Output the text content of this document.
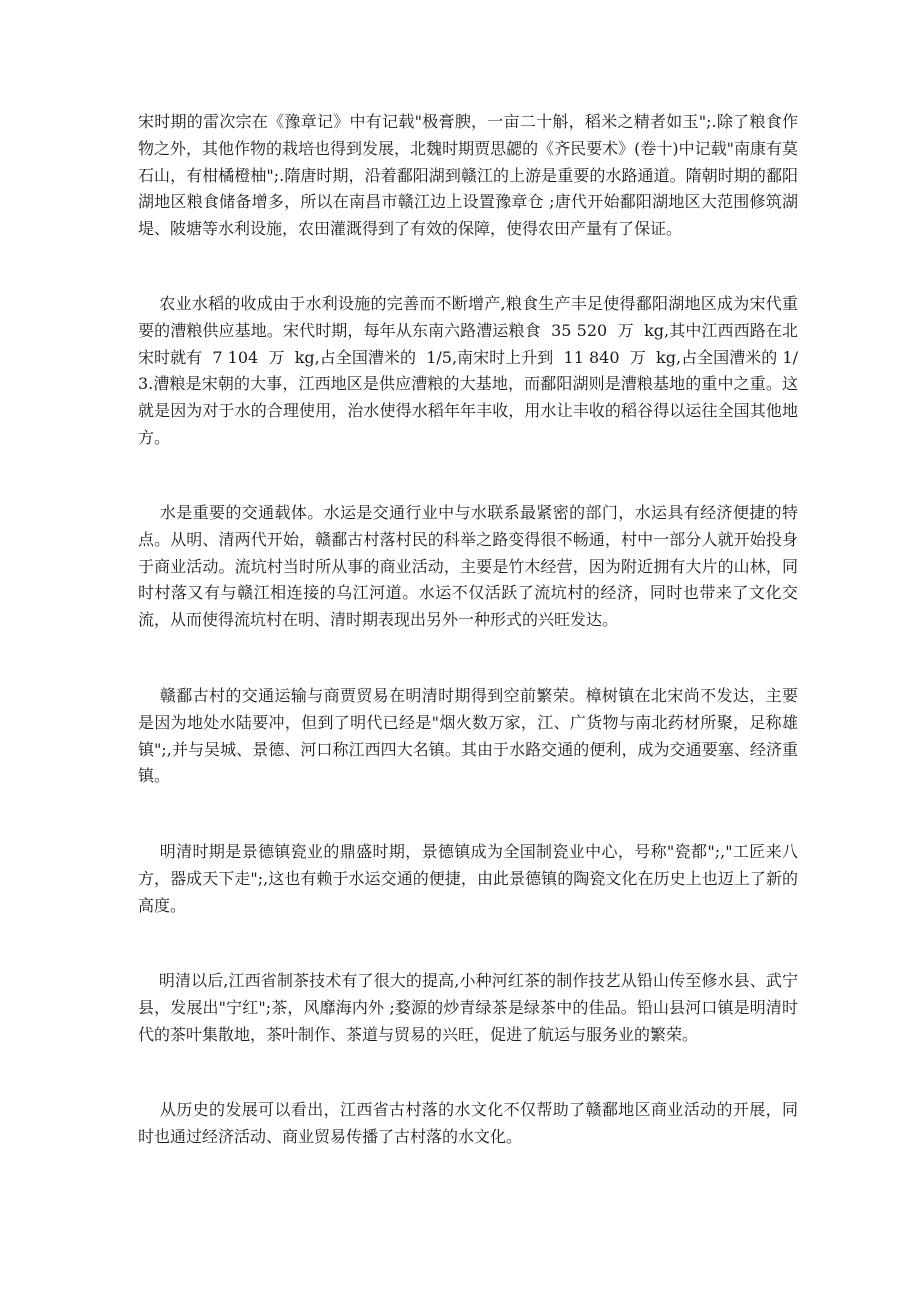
宋时期的雷次宗在《豫章记》中有记载"极膏腴，一亩二十斛，稻米之精者如玉";.除了粮食作物之外，其他作物的栽培也得到发展，北魏时期贾思勰的《齐民要术》(卷十)中记载"南康有莫石山，有柑橘橙柚";.隋唐时期，沿着鄱阳湖到赣江的上游是重要的水路通道。隋朝时期的鄱阳湖地区粮食储备增多，所以在南昌市赣江边上设置豫章仓 ;唐代开始鄱阳湖地区大范围修筑湖堤、陂塘等水利设施，农田灌溉得到了有效的保障，使得农田产量有了保证。

农业水稻的收成由于水利设施的完善而不断增产,粮食生产丰足使得鄱阳湖地区成为宋代重要的漕粮供应基地。宋代时期，每年从东南六路漕运粮食  35 520  万  kg,其中江西西路在北宋时就有  7 104  万  kg,占全国漕米的  1/5,南宋时上升到  11 840  万  kg,占全国漕米的 1/3.漕粮是宋朝的大事，江西地区是供应漕粮的大基地，而鄱阳湖则是漕粮基地的重中之重。这就是因为对于水的合理使用，治水使得水稻年年丰收，用水让丰收的稻谷得以运往全国其他地方。

水是重要的交通载体。水运是交通行业中与水联系最紧密的部门，水运具有经济便捷的特点。从明、清两代开始，赣鄱古村落村民的科举之路变得很不畅通，村中一部分人就开始投身于商业活动。流坑村当时所从事的商业活动，主要是竹木经营，因为附近拥有大片的山林，同时村落又有与赣江相连接的乌江河道。水运不仅活跃了流坑村的经济，同时也带来了文化交流，从而使得流坑村在明、清时期表现出另外一种形式的兴旺发达。

赣鄱古村的交通运输与商贾贸易在明清时期得到空前繁荣。樟树镇在北宋尚不发达，主要是因为地处水陆要冲，但到了明代已经是"烟火数万家，江、广货物与南北药材所聚，足称雄镇";,并与吴城、景德、河口称江西四大名镇。其由于水路交通的便利，成为交通要塞、经济重镇。

明清时期是景德镇瓷业的鼎盛时期，景德镇成为全国制瓷业中心，号称"瓷都";,"工匠来八方，器成天下走";,这也有赖于水运交通的便捷，由此景德镇的陶瓷文化在历史上也迈上了新的高度。

明清以后,江西省制茶技术有了很大的提高,小种河红茶的制作技艺从铅山传至修水县、武宁县，发展出"宁红";茶，风靡海内外 ;婺源的炒青绿茶是绿茶中的佳品。铅山县河口镇是明清时代的茶叶集散地，茶叶制作、茶道与贸易的兴旺，促进了航运与服务业的繁荣。

从历史的发展可以看出，江西省古村落的水文化不仅帮助了赣鄱地区商业活动的开展，同时也通过经济活动、商业贸易传播了古村落的水文化。
